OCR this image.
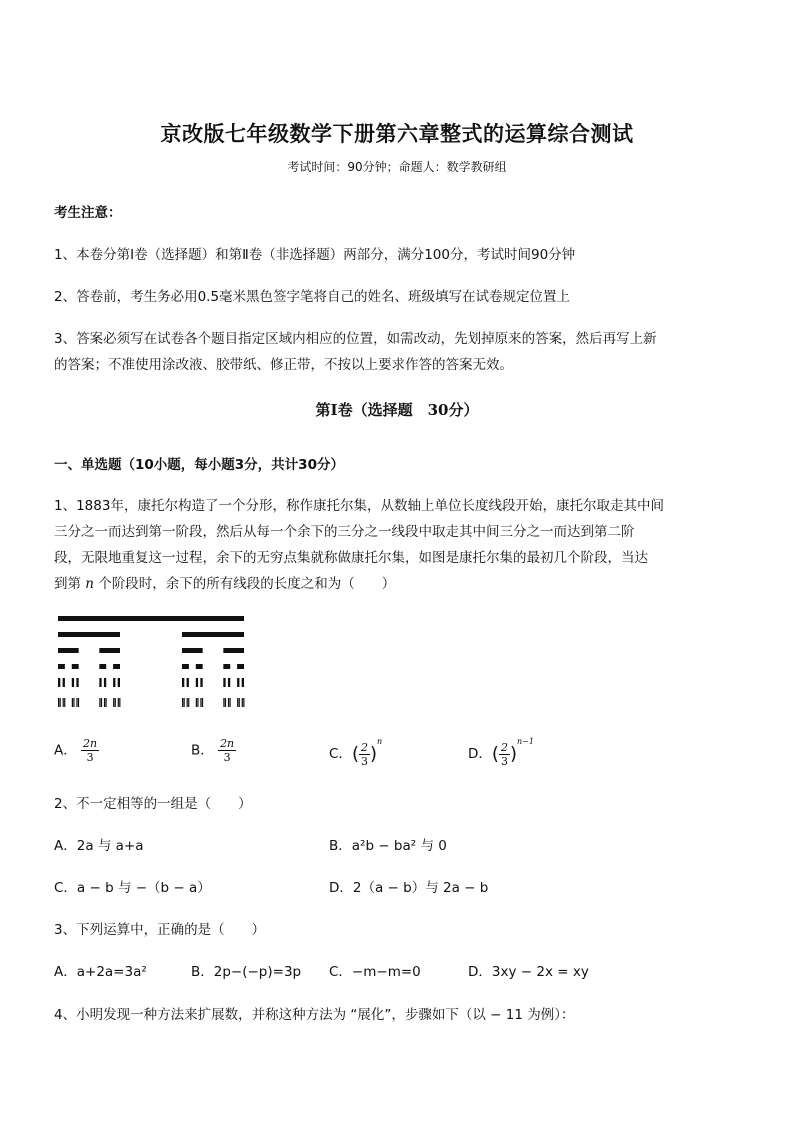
京改版七年级数学下册第六章整式的运算综合测试
考试时间：90分钟；命题人：数学教研组
考生注意：
1、本卷分第Ⅰ卷（选择题）和第Ⅱ卷（非选择题）两部分，满分100分，考试时间90分钟
2、答卷前，考生务必用0.5毫米黑色签字笔将自己的姓名、班级填写在试卷规定位置上
3、答案必须写在试卷各个题目指定区域内相应的位置，如需改动，先划掉原来的答案，然后再写上新
的答案；不准使用涂改液、胶带纸、修正带，不按以上要求作答的答案无效。
第Ⅰ卷（选择题　30分）
一、单选题（10小题，每小题3分，共计30分）
1、1883年，康托尔构造了一个分形，称作康托尔集，从数轴上单位长度线段开始，康托尔取走其中间
三分之一而达到第一阶段，然后从每一个余下的三分之一线段中取走其中间三分之一而达到第二阶
段，无限地重复这一过程，余下的无穷点集就称做康托尔集，如图是康托尔集的最初几个阶段，当达
到第 n 个阶段时，余下的所有线段的长度之和为（　　）
A． $\frac{2n}{3}$	B． $\frac{2n}{3}$	C．( $\frac{2}{3} )^n$
D．( $\frac{2}{3} )^{n-1}$
2、不一定相等的一组是（　　）
A．2a 与 a+a	B．a²b − ba² 与 0
C．a − b 与 −（b − a）	D．2（a − b）与 2a − b
3、下列运算中，正确的是（　　）
A．a+2a=3a²	B．2p−(−p)=3p C．−m−m=0	D．3xy − 2x = xy
4、小明发现一种方法来扩展数，并称这种方法为 “展化”，步骤如下（以 − 11 为例）：
